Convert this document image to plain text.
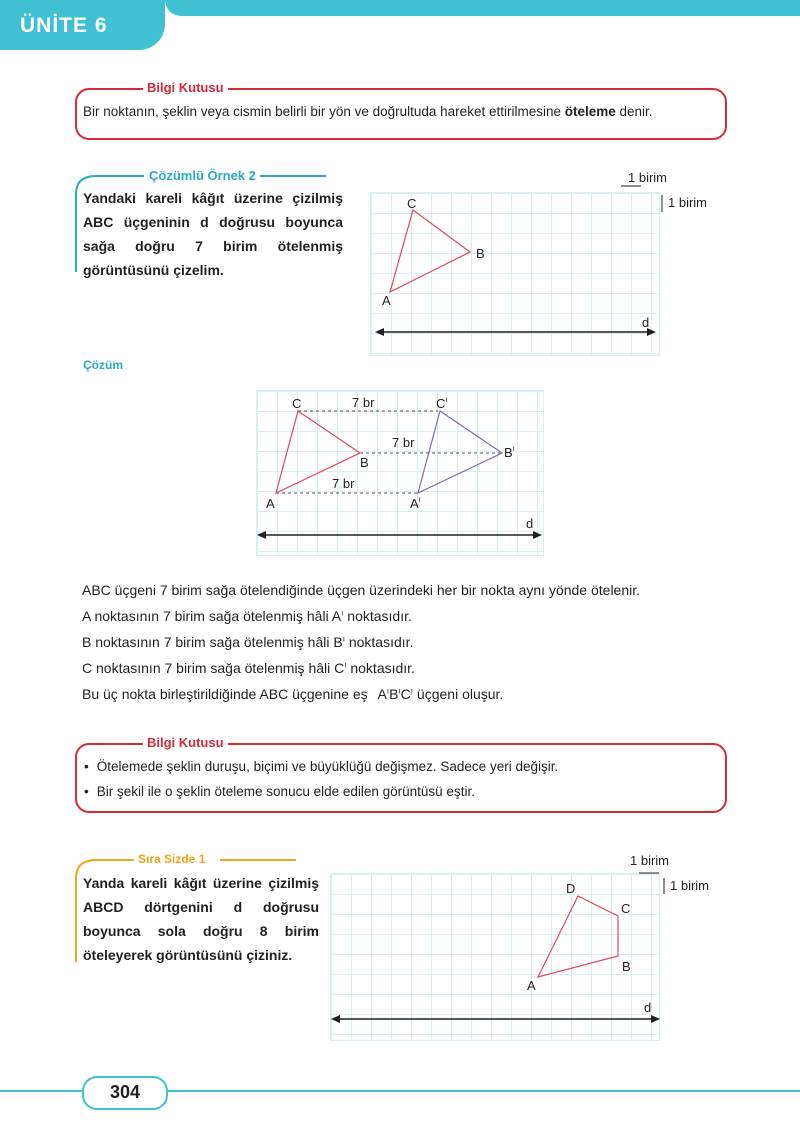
ÜNİTE 6
Bilgi Kutusu
Bir noktanın, şeklin veya cismin belirli bir yön ve doğrultuda hareket ettirilmesine öteleme denir.
Çözümlü Örnek 2
Yandaki kareli kâğıt üzerine çizilmiş ABC üçgeninin d doğrusu boyunca sağa doğru 7 birim ötelenmiş görüntüsünü çizelim.
A
B
C
d
1 birim
1 birim
Çözüm
A
B
C
$A^ı$
$B^ı$
$C^ı$
d
7 br
7 br
7 br
ABC üçgeni 7 birim sağa ötelendiğinde üçgen üzerindeki her bir nokta aynı yönde ötelenir.
A noktasının 7 birim sağa ötelenmiş hâli $A^ı$ noktasıdır.
B noktasının 7 birim sağa ötelenmiş hâli $B^ı$ noktasıdır.
C noktasının 7 birim sağa ötelenmiş hâli $C^ı$ noktasıdır.
Bu üç nokta birleştirildiğinde ABC üçgenine eş $A^ıB^ıC^ı$ üçgeni oluşur.
Bilgi Kutusu
• Ötelemede şeklin duruşu, biçimi ve büyüklüğü değişmez. Sadece yeri değişir.
• Bir şekil ile o şeklin öteleme sonucu elde edilen görüntüsü eştir.
Sıra Sizde 1
Yanda kareli kâğıt üzerine çizilmiş ABCD dörtgenini d doğrusu boyunca sola doğru 8 birim öteleyerek görüntüsünü çiziniz.
A
B
C
D
d
1 birim
1 birim
304
